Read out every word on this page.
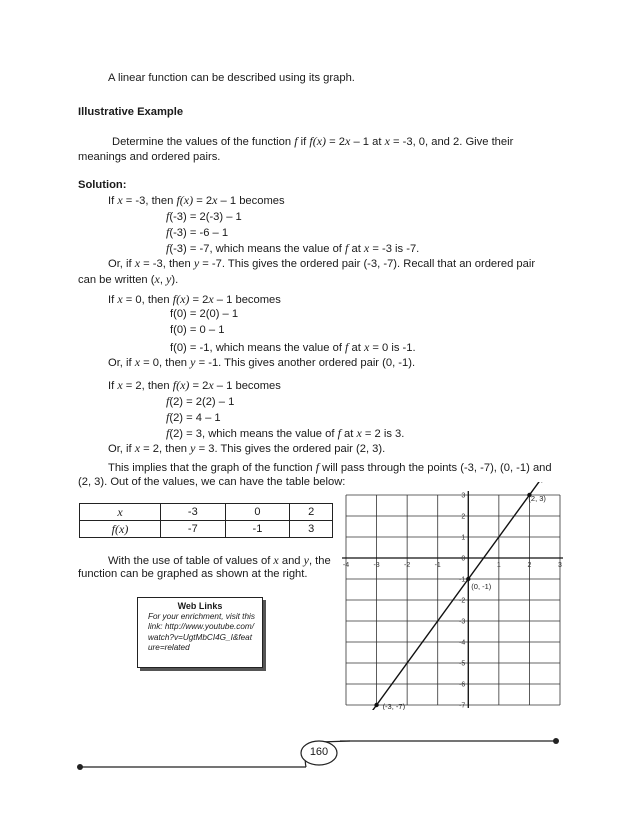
A linear function can be described using its graph.
Illustrative Example
Determine the values of the function f if f(x) = 2x – 1 at x = -3, 0, and 2. Give their
meanings and ordered pairs.
Solution:
If x = -3, then f(x) = 2x – 1 becomes
f(-3) = 2(-3) – 1
f(-3) = -6 – 1
f(-3) = -7, which means the value of f at x = -3 is -7.
Or, if x = -3, then y = -7. This gives the ordered pair (-3, -7). Recall that an ordered pair
can be written (x, y).
If x = 0, then f(x) = 2x – 1 becomes
f(0) = 2(0) – 1
f(0) = 0 – 1
f(0) = -1, which means the value of f at x = 0 is -1.
Or, if x = 0, then y = -1. This gives another ordered pair (0, -1).
If x = 2, then f(x) = 2x – 1 becomes
f(2) = 2(2) – 1
f(2) = 4 – 1
f(2) = 3, which means the value of f at x = 2 is 3.
Or, if x = 2, then y = 3. This gives the ordered pair (2, 3).
This implies that the graph of the function f will pass through the points (-3, -7), (0, -1) and
(2, 3). Out of the values, we can have the table below:
x	-3	0	2
f(x)	-7	-1	3
With the use of table of values of x and y, the
function can be graphed as shown at the right.
Web Links
For your enrichment, visit this link: http://www.youtube.com/watch?v=UgtMbCI4G_I&feature=related
-4	-3	-2	-1	1	2	3
3
2
1
0
-1
-2
-3
-4
-5
-6
-7
(-3, -7)
(0, -1)
(2, 3)
160
